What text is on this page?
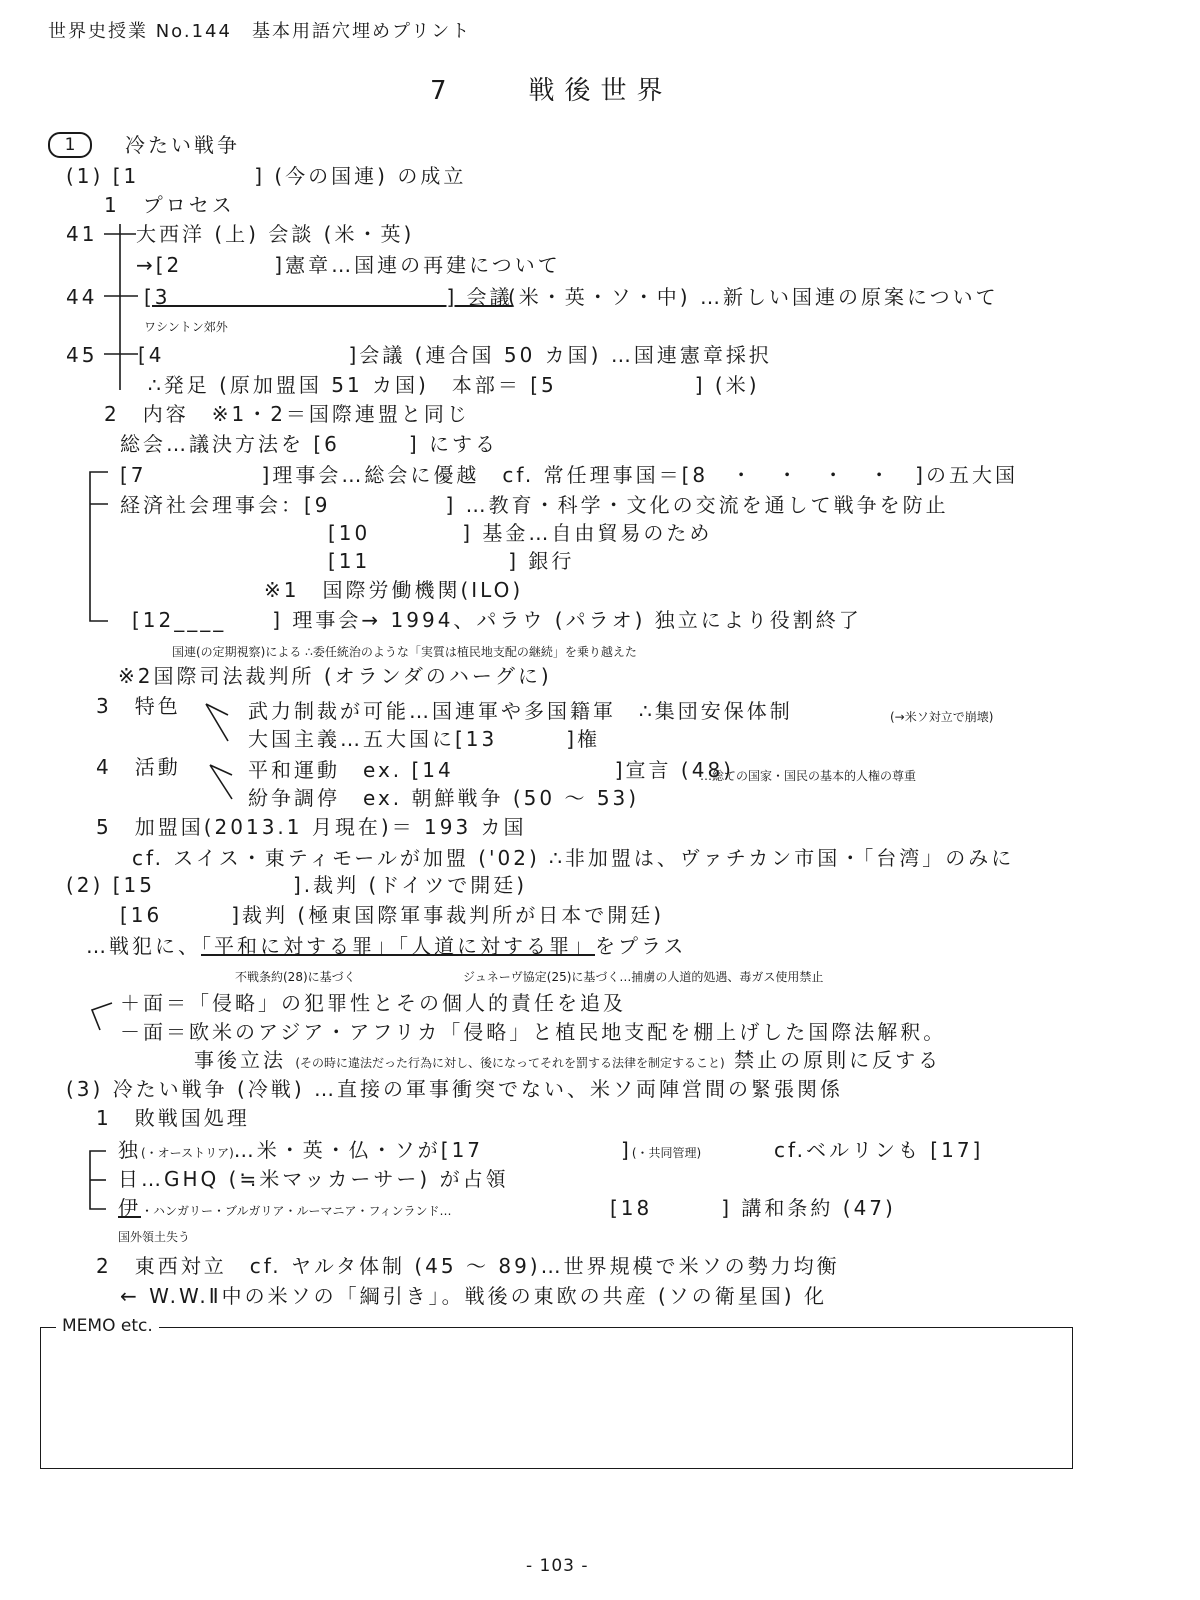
世界史授業 No.144　基本用語穴埋めプリント
7　　戦後世界
1	冷たい戦争
(1) [1　　　　　] (今の国連) の成立
1　プロセス
41 大西洋 (上) 会談 (米・英)
→[2　　　　]憲章…国連の再建について
44 [3　　　　　　　　　　　　] 会議
(米・英・ソ・中) …新しい国連の原案について
ワシントン郊外
45 [4　　　　　　　　]会議 (連合国 50 カ国) …国連憲章採択
∴発足 (原加盟国 51 カ国)　本部＝ [5　　　　　　] (米)
2　内容　※1・2＝国際連盟と同じ
総会…議決方法を [6　　　] にする
[7　　　　　]理事会…総会に優越　cf. 常任理事国＝[8　・　・　・　・　]の五大国
経済社会理事会：[9　　　　　] …教育・科学・文化の交流を通して戦争を防止
[10　　　　] 基金…自由貿易のため
[11　　　　　　] 銀行
※1　国際労働機関(ILO)
[12____　　] 理事会→ 1994、パラウ (パラオ) 独立により役割終了
国連(の定期視察)による ∴委任統治のような「実質は植民地支配の継続」を乗り越えた
※2国際司法裁判所 (オランダのハーグに)
3　特色	武力制裁が可能…国連軍や多国籍軍　∴集団安保体制	(→米ソ対立で崩壊)
大国主義…五大国に[13　　　]権
4　活動	平和運動　ex. [14　　　　　　　]宣言 (48)
…総ての国家・国民の基本的人権の尊重
紛争調停　ex. 朝鮮戦争 (50 ～ 53)
5　加盟国(2013.1 月現在)＝ 193 カ国
cf. スイス・東ティモールが加盟 ('02) ∴非加盟は、ヴァチカン市国・「台湾」のみに
(2) [15　　　　　　].裁判 (ドイツで開廷)
[16　　　]裁判 (極東国際軍事裁判所が日本で開廷)
…戦犯に、「平和に対する罪」「人道に対する罪」をプラス
不戦条約(28)に基づく	ジュネーヴ協定(25)に基づく…捕虜の人道的処遇、毒ガス使用禁止
＋面＝「侵略」の犯罪性とその個人的責任を追及
－面＝欧米のアジア・アフリカ「侵略」と植民地支配を棚上げした国際法解釈。
事後立法 (その時に違法だった行為に対し、後になってそれを罰する法律を制定すること) 禁止の原則に反する
(3) 冷たい戦争 (冷戦) …直接の軍事衝突でない、米ソ両陣営間の緊張関係
1　敗戦国処理
独(・オーストリア)…米・英・仏・ソが[17　　　　　　](・共同管理)	cf.ベルリンも [17]
日…GHQ (≒米マッカーサー) が占領
伊・ハンガリー・ブルガリア・ルーマニア・フィンランド…	[18　　　] 講和条約 (47)
国外領土失う
2　東西対立　cf. ヤルタ体制 (45 ～ 89)…世界規模で米ソの勢力均衡
← W.W.Ⅱ中の米ソの「綱引き」。戦後の東欧の共産 (ソの衛星国) 化
MEMO etc.
- 103 -
